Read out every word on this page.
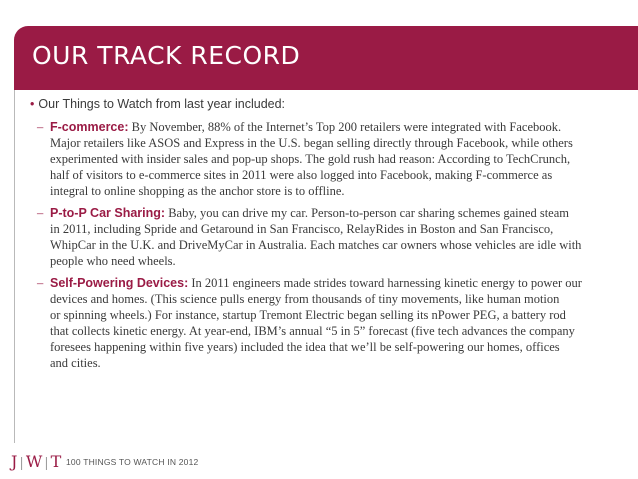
OUR TRACK RECORD

• Our Things to Watch from last year included:

– F-commerce: By November, 88% of the Internet’s Top 200 retailers were integrated with Facebook.
Major retailers like ASOS and Express in the U.S. began selling directly through Facebook, while others
experimented with insider sales and pop-up shops. The gold rush had reason: According to TechCrunch,
half of visitors to e-commerce sites in 2011 were also logged into Facebook, making F-commerce as
integral to online shopping as the anchor store is to offline.
– P-to-P Car Sharing: Baby, you can drive my car. Person-to-person car sharing schemes gained steam
in 2011, including Spride and Getaround in San Francisco, RelayRides in Boston and San Francisco,
WhipCar in the U.K. and DriveMyCar in Australia. Each matches car owners whose vehicles are idle with
people who need wheels.
– Self-Powering Devices: In 2011 engineers made strides toward harnessing kinetic energy to power our
devices and homes. (This science pulls energy from thousands of tiny movements, like human motion
or spinning wheels.) For instance, startup Tremont Electric began selling its nPower PEG, a battery rod
that collects kinetic energy. At year-end, IBM’s annual “5 in 5” forecast (five tech advances the company
foresees happening within five years) included the idea that we’ll be self-powering our homes, offices
and cities.
J|W|T 100 THINGS TO WATCH IN 2012
